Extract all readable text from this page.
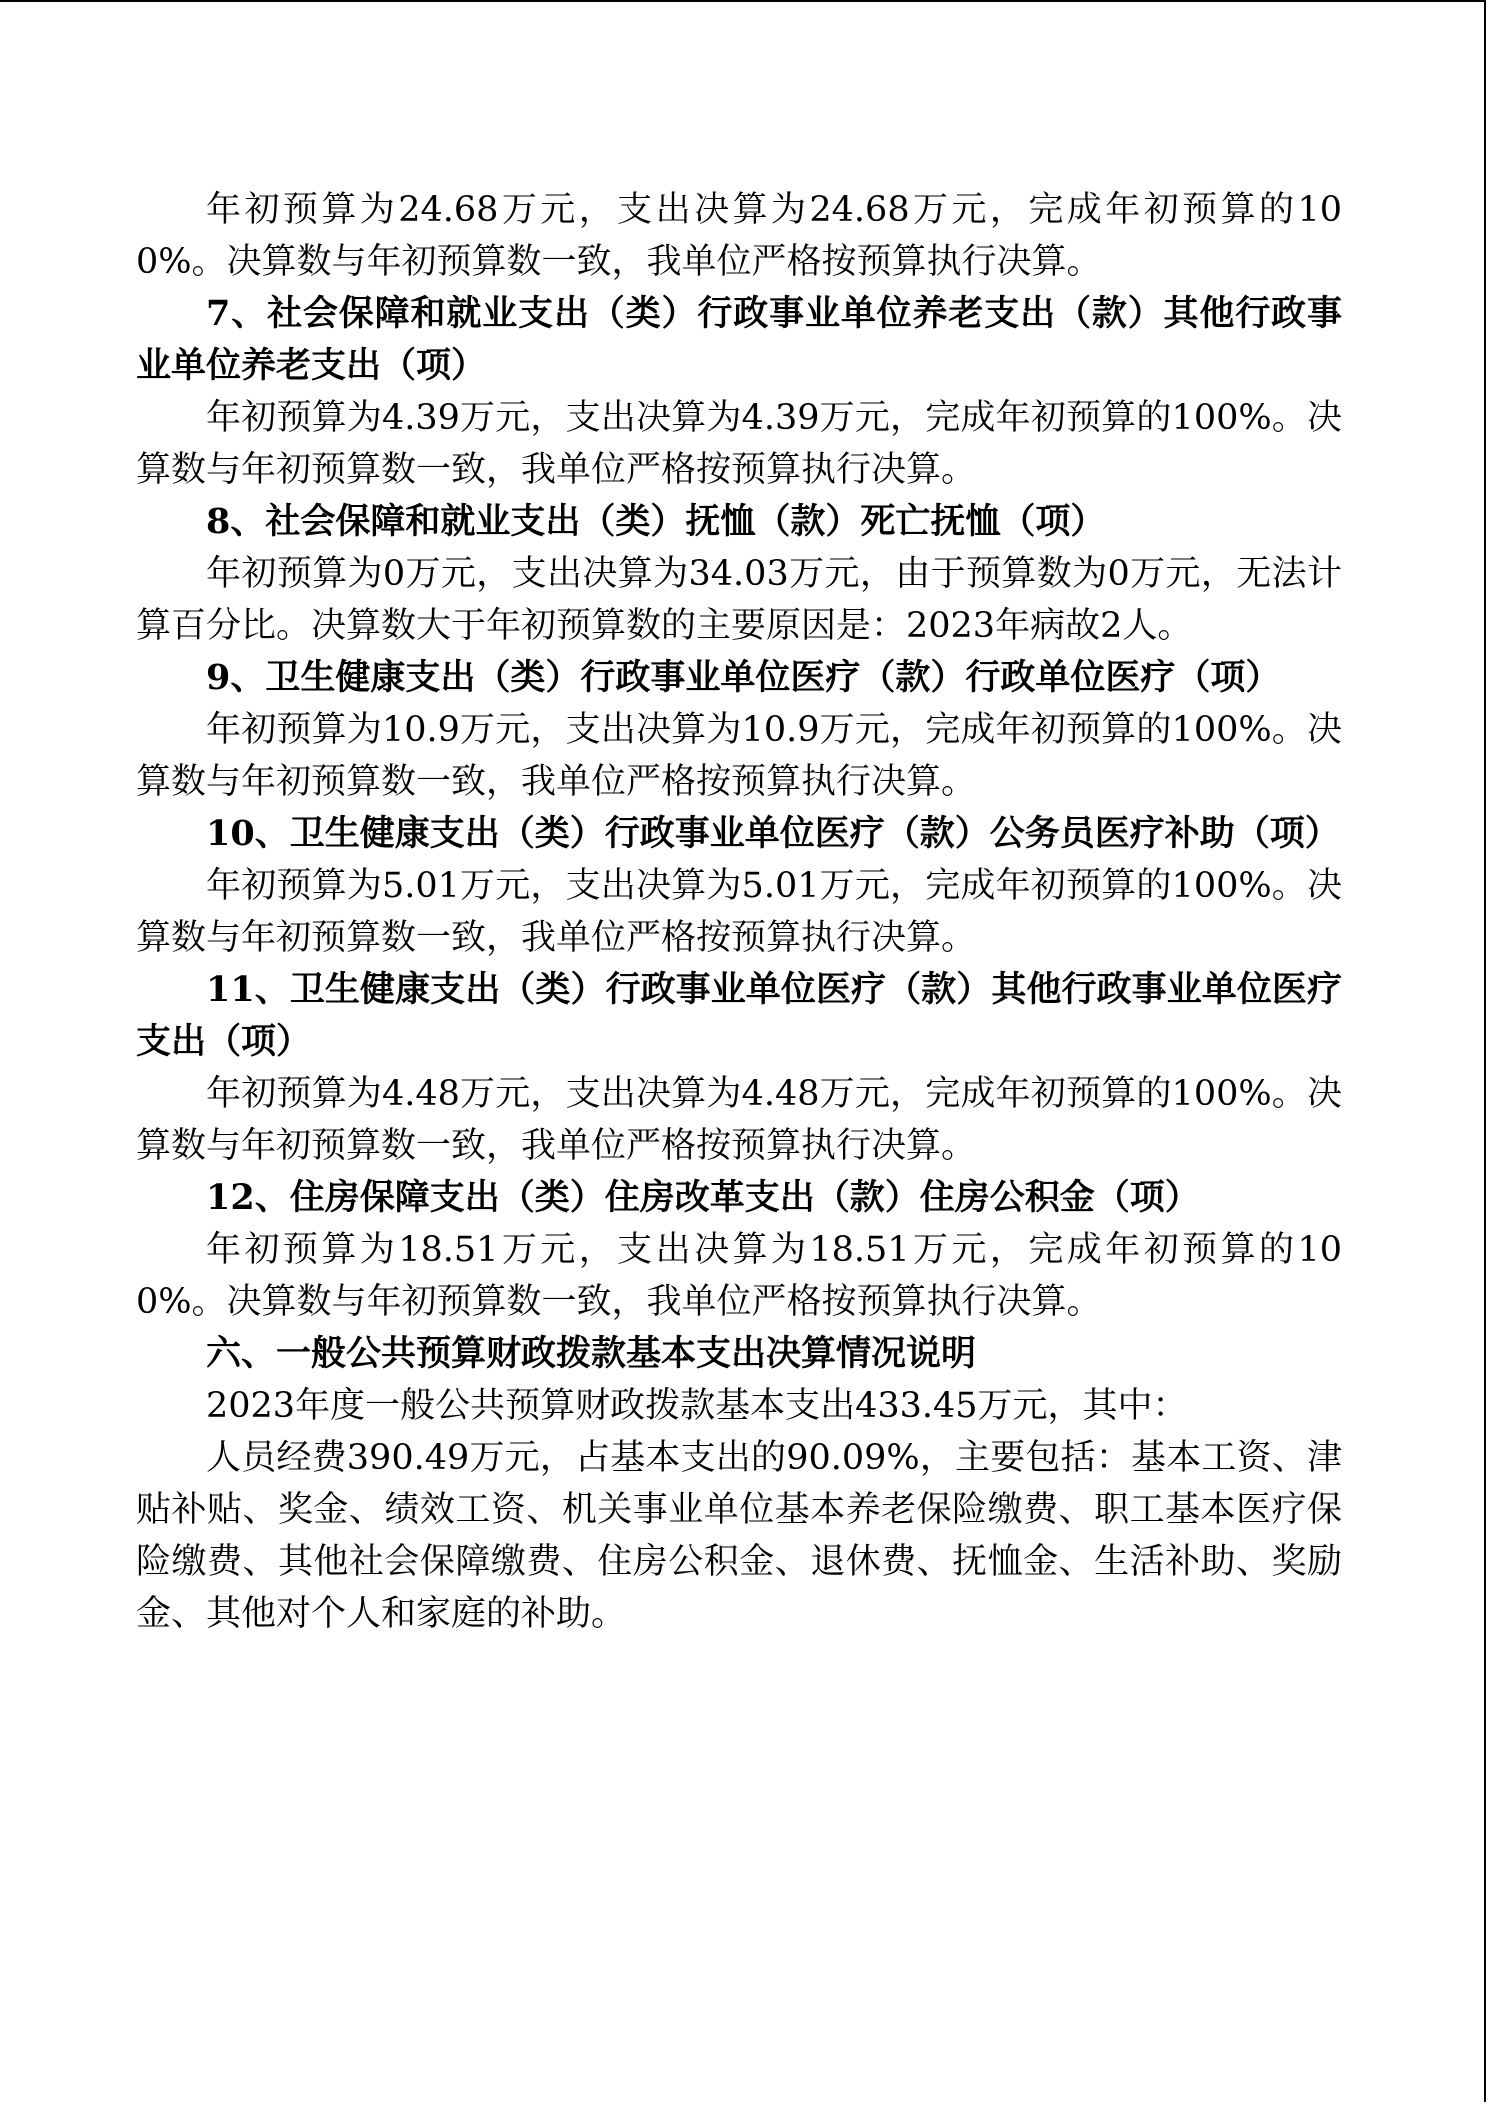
年初预算为24.68万元，支出决算为24.68万元，完成年初预算的100%。决算数与年初预算数一致，我单位严格按预算执行决算。

7、社会保障和就业支出（类）行政事业单位养老支出（款）其他行政事业单位养老支出（项）

年初预算为4.39万元，支出决算为4.39万元，完成年初预算的100%。决算数与年初预算数一致，我单位严格按预算执行决算。

8、社会保障和就业支出（类）抚恤（款）死亡抚恤（项）

年初预算为0万元，支出决算为34.03万元，由于预算数为0万元，无法计算百分比。决算数大于年初预算数的主要原因是：2023年病故2人。

9、卫生健康支出（类）行政事业单位医疗（款）行政单位医疗（项）

年初预算为10.9万元，支出决算为10.9万元，完成年初预算的100%。决算数与年初预算数一致，我单位严格按预算执行决算。

10、卫生健康支出（类）行政事业单位医疗（款）公务员医疗补助（项）

年初预算为5.01万元，支出决算为5.01万元，完成年初预算的100%。决算数与年初预算数一致，我单位严格按预算执行决算。

11、卫生健康支出（类）行政事业单位医疗（款）其他行政事业单位医疗支出（项）

年初预算为4.48万元，支出决算为4.48万元，完成年初预算的100%。决算数与年初预算数一致，我单位严格按预算执行决算。

12、住房保障支出（类）住房改革支出（款）住房公积金（项）

年初预算为18.51万元，支出决算为18.51万元，完成年初预算的100%。决算数与年初预算数一致，我单位严格按预算执行决算。

六、一般公共预算财政拨款基本支出决算情况说明

2023年度一般公共预算财政拨款基本支出433.45万元，其中：

人员经费390.49万元，占基本支出的90.09%，主要包括：基本工资、津贴补贴、奖金、绩效工资、机关事业单位基本养老保险缴费、职工基本医疗保险缴费、其他社会保障缴费、住房公积金、退休费、抚恤金、生活补助、奖励金、其他对个人和家庭的补助。
